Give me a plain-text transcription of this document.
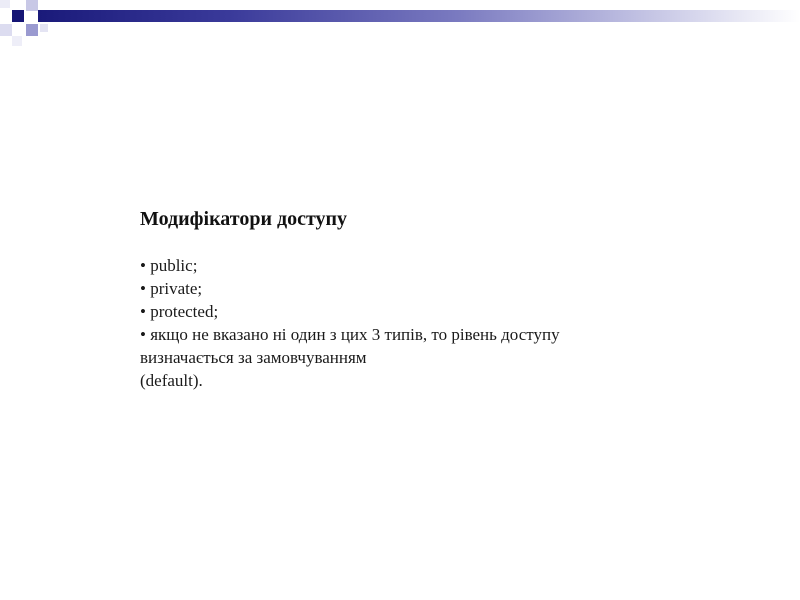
Модифікатори доступу

• public;

• private;

• protected;

• якщо не вказано ні один з цих 3 типів, то рівень доступу

визначається за замовчуванням

(default).
